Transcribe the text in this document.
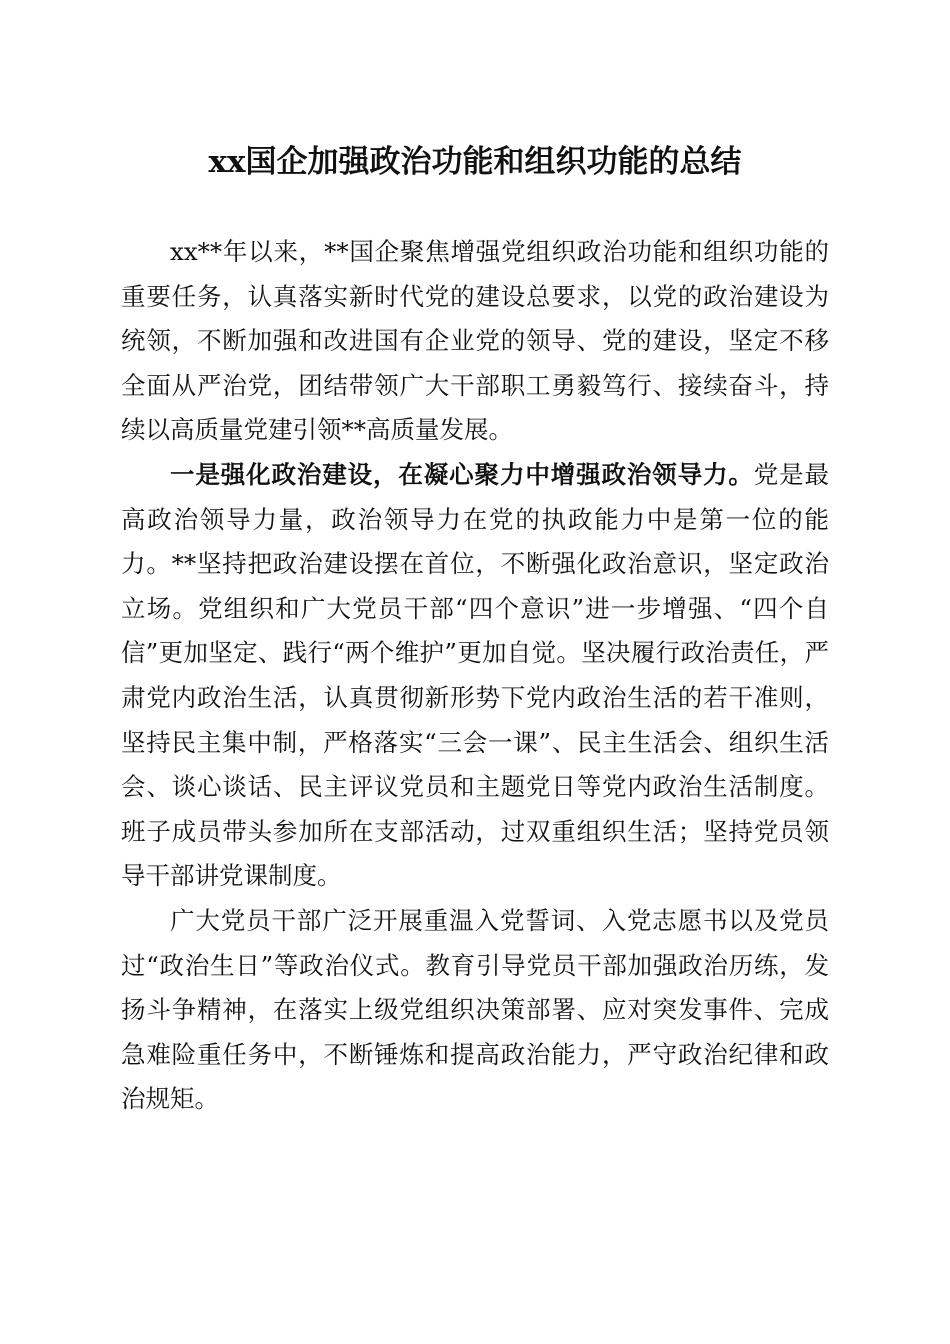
xx国企加强政治功能和组织功能的总结

xx**年以来，**国企聚焦增强党组织政治功能和组织功能的重要任务，认真落实新时代党的建设总要求，以党的政治建设为统领，不断加强和改进国有企业党的领导、党的建设，坚定不移全面从严治党，团结带领广大干部职工勇毅笃行、接续奋斗，持续以高质量党建引领**高质量发展。

一是强化政治建设，在凝心聚力中增强政治领导力。党是最高政治领导力量，政治领导力在党的执政能力中是第一位的能力。**坚持把政治建设摆在首位，不断强化政治意识，坚定政治立场。党组织和广大党员干部“四个意识”进一步增强、“四个自信”更加坚定、践行“两个维护”更加自觉。坚决履行政治责任，严肃党内政治生活，认真贯彻新形势下党内政治生活的若干准则，坚持民主集中制，严格落实“三会一课”、民主生活会、组织生活会、谈心谈话、民主评议党员和主题党日等党内政治生活制度。班子成员带头参加所在支部活动，过双重组织生活；坚持党员领导干部讲党课制度。

广大党员干部广泛开展重温入党誓词、入党志愿书以及党员过“政治生日”等政治仪式。教育引导党员干部加强政治历练，发扬斗争精神，在落实上级党组织决策部署、应对突发事件、完成急难险重任务中，不断锤炼和提高政治能力，严守政治纪律和政治规矩。
